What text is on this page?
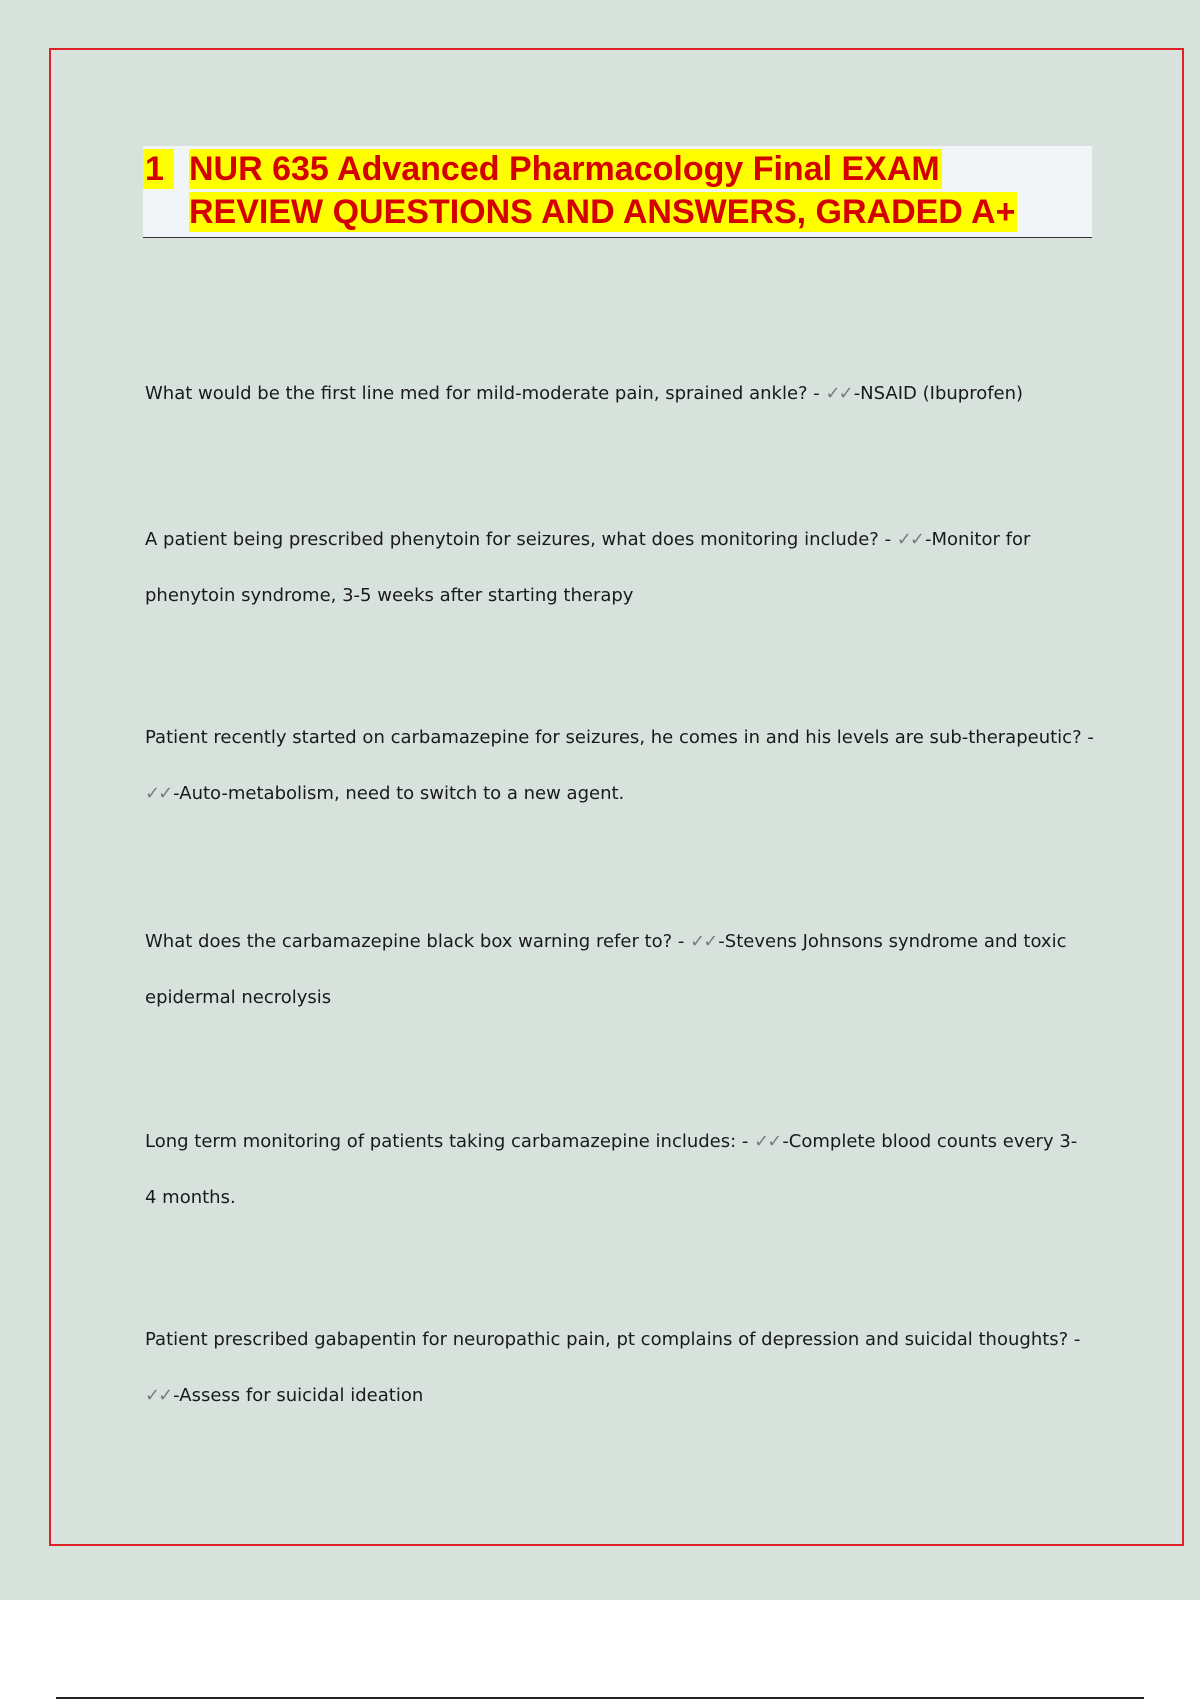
1 NUR 635 Advanced Pharmacology Final EXAM
REVIEW QUESTIONS AND ANSWERS, GRADED A+
What would be the first line med for mild-moderate pain, sprained ankle? - ✓✓ -NSAID (Ibuprofen)
A patient being prescribed phenytoin for seizures, what does monitoring include? - ✓✓ -Monitor for
phenytoin syndrome, 3-5 weeks after starting therapy
Patient recently started on carbamazepine for seizures, he comes in and his levels are sub-therapeutic? -
✓✓ -Auto-metabolism, need to switch to a new agent.
What does the carbamazepine black box warning refer to? - ✓✓ -Stevens Johnsons syndrome and toxic
epidermal necrolysis
Long term monitoring of patients taking carbamazepine includes: - ✓✓ -Complete blood counts every 3-
4 months.
Patient prescribed gabapentin for neuropathic pain, pt complains of depression and suicidal thoughts? -
✓✓ -Assess for suicidal ideation
